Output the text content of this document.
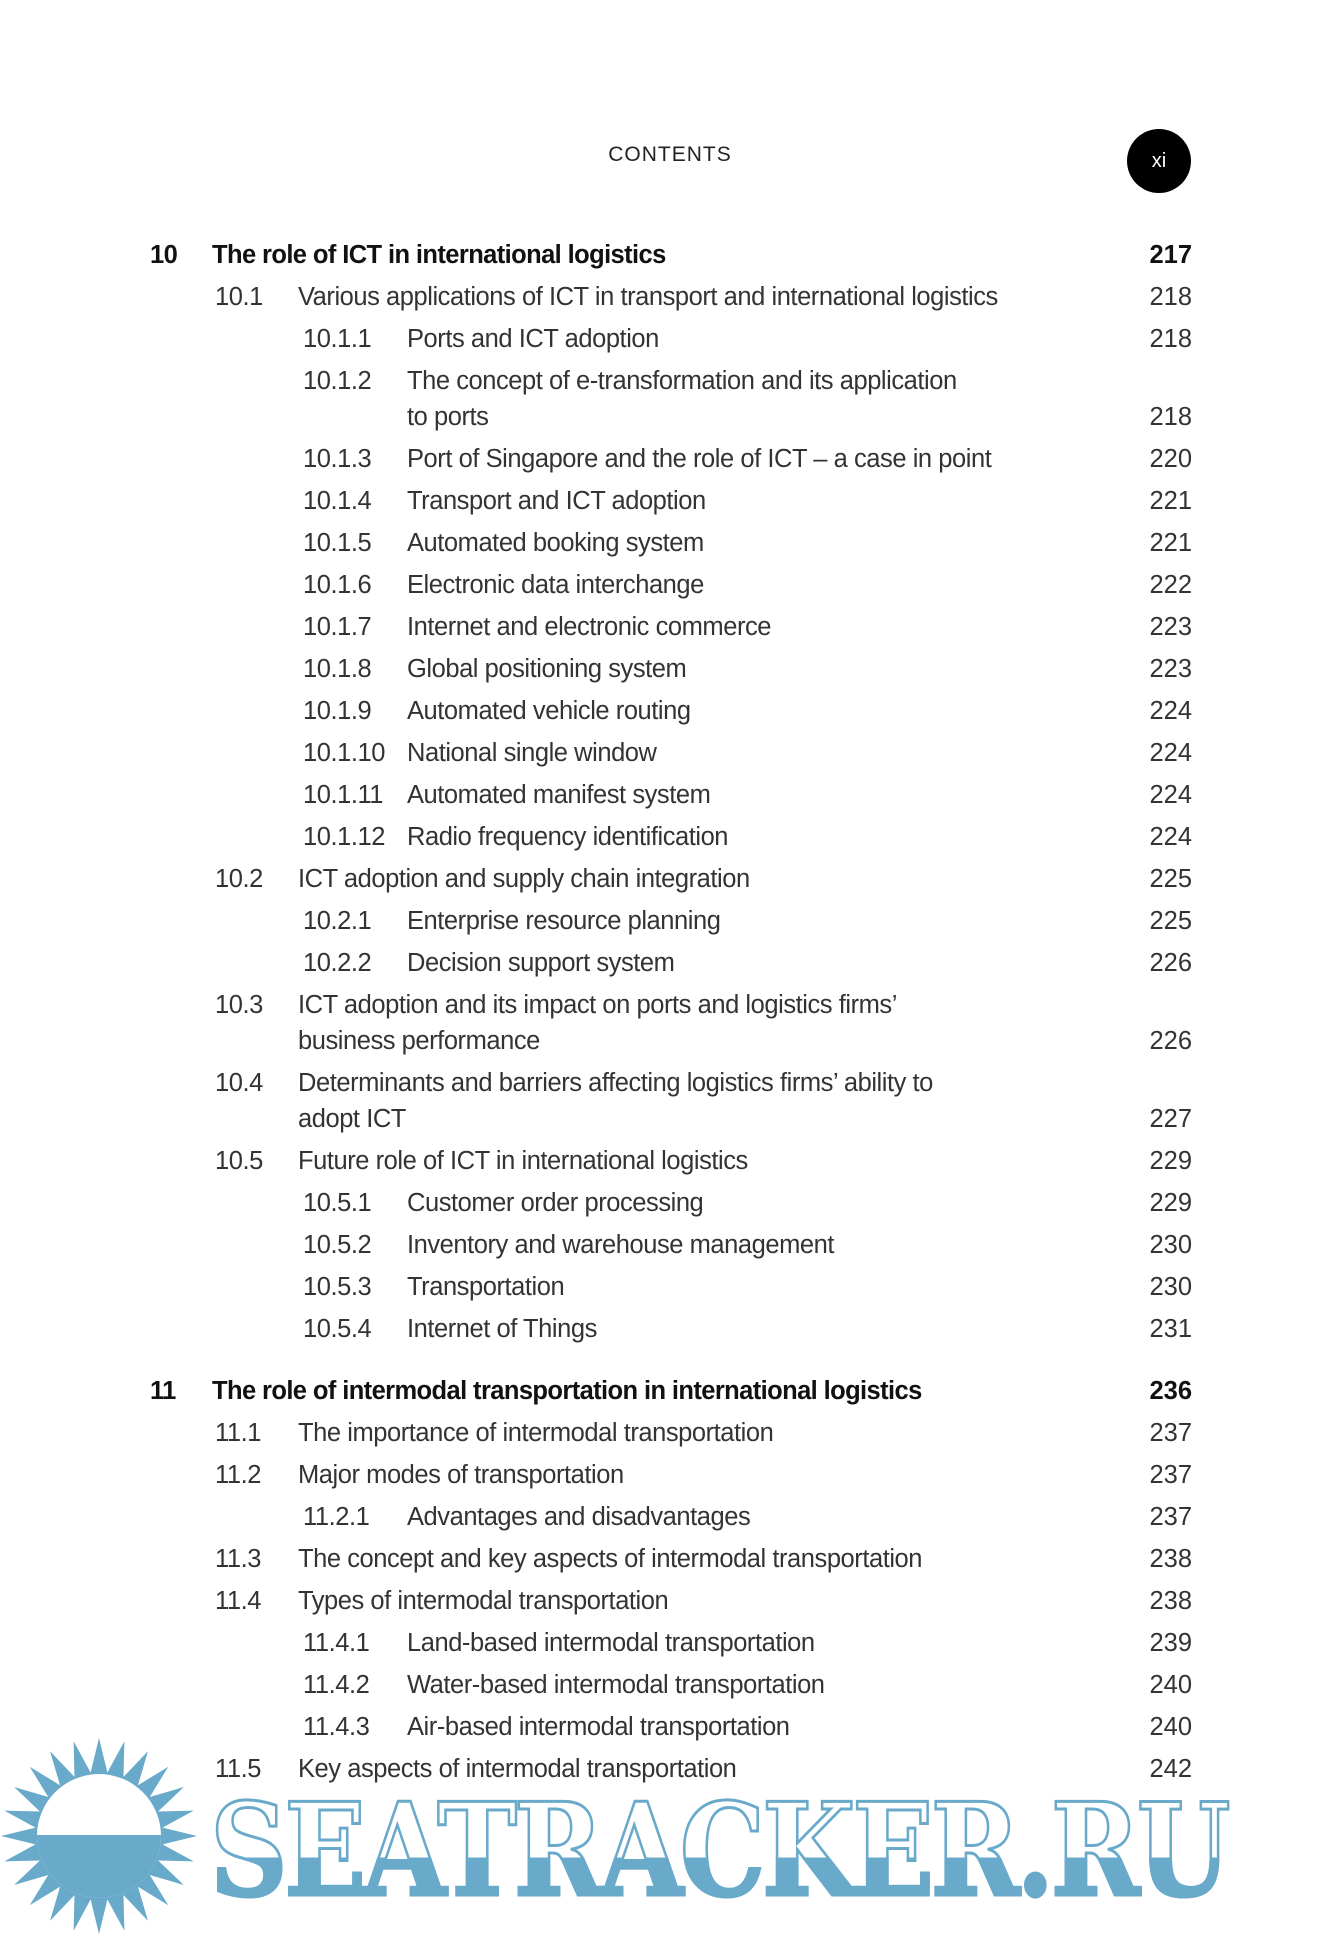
CONTENTS	xi
10 The role of ICT in international logistics	217
10.1 Various applications of ICT in transport and international logistics	218
10.1.1 Ports and ICT adoption	218
10.1.2 The concept of e-transformation and its application
to ports	218
10.1.3 Port of Singapore and the role of ICT – a case in point	220
10.1.4 Transport and ICT adoption	221
10.1.5 Automated booking system	221
10.1.6 Electronic data interchange	222
10.1.7 Internet and electronic commerce	223
10.1.8 Global positioning system	223
10.1.9 Automated vehicle routing	224
10.1.10 National single window	224
10.1.11 Automated manifest system	224
10.1.12 Radio frequency identification	224
10.2 ICT adoption and supply chain integration	225
10.2.1 Enterprise resource planning	225
10.2.2 Decision support system	226
10.3 ICT adoption and its impact on ports and logistics firms’
business performance	226
10.4 Determinants and barriers affecting logistics firms’ ability to
adopt ICT	227
10.5 Future role of ICT in international logistics	229
10.5.1 Customer order processing	229
10.5.2 Inventory and warehouse management	230
10.5.3 Transportation	230
10.5.4 Internet of Things	231
11 The role of intermodal transportation in international logistics	236
11.1 The importance of intermodal transportation	237
11.2 Major modes of transportation	237
11.2.1 Advantages and disadvantages	237
11.3 The concept and key aspects of intermodal transportation	238
11.4 Types of intermodal transportation	238
11.4.1 Land-based intermodal transportation	239
11.4.2 Water-based intermodal transportation	240
11.4.3 Air-based intermodal transportation	240
11.5 Key aspects of intermodal transportation	242
SEATRACKER.RU
